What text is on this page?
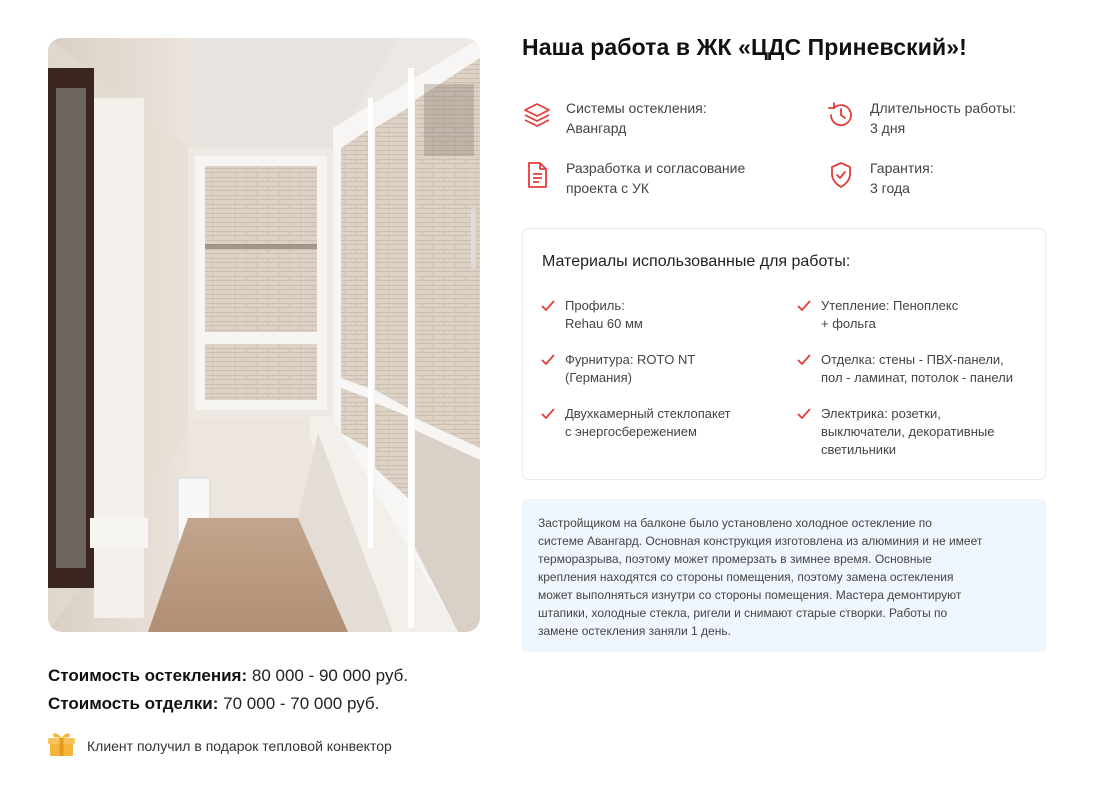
Стоимость остекления: 80 000 - 90 000 руб.
Стоимость отделки: 70 000 - 70 000 руб.
Клиент получил в подарок тепловой конвектор
Наша работа в ЖК «ЦДС Приневский»!
Системы остекления:
Авангард
Длительность работы:
3 дня
Разработка и согласование
проекта с УК
Гарантия:
3 года
Материалы использованные для работы:
Профиль:
Rehau 60 мм
Утепление: Пеноплекс
+ фольга
Фурнитура: ROTO NT
(Германия)
Отделка: стены - ПВХ-панели,
пол - ламинат, потолок - панели
Двухкамерный стеклопакет
с энергосбережением
Электрика: розетки,
выключатели, декоративные
светильники
Застройщиком на балконе было установлено холодное остекление по
системе Авангард. Основная конструкция изготовлена из алюминия и не имеет
терморазрыва, поэтому может промерзать в зимнее время. Основные
крепления находятся со стороны помещения, поэтому замена остекления
может выполняться изнутри со стороны помещения. Мастера демонтируют
штапики, холодные стекла, ригели и снимают старые створки. Работы по
замене остекления заняли 1 день.
